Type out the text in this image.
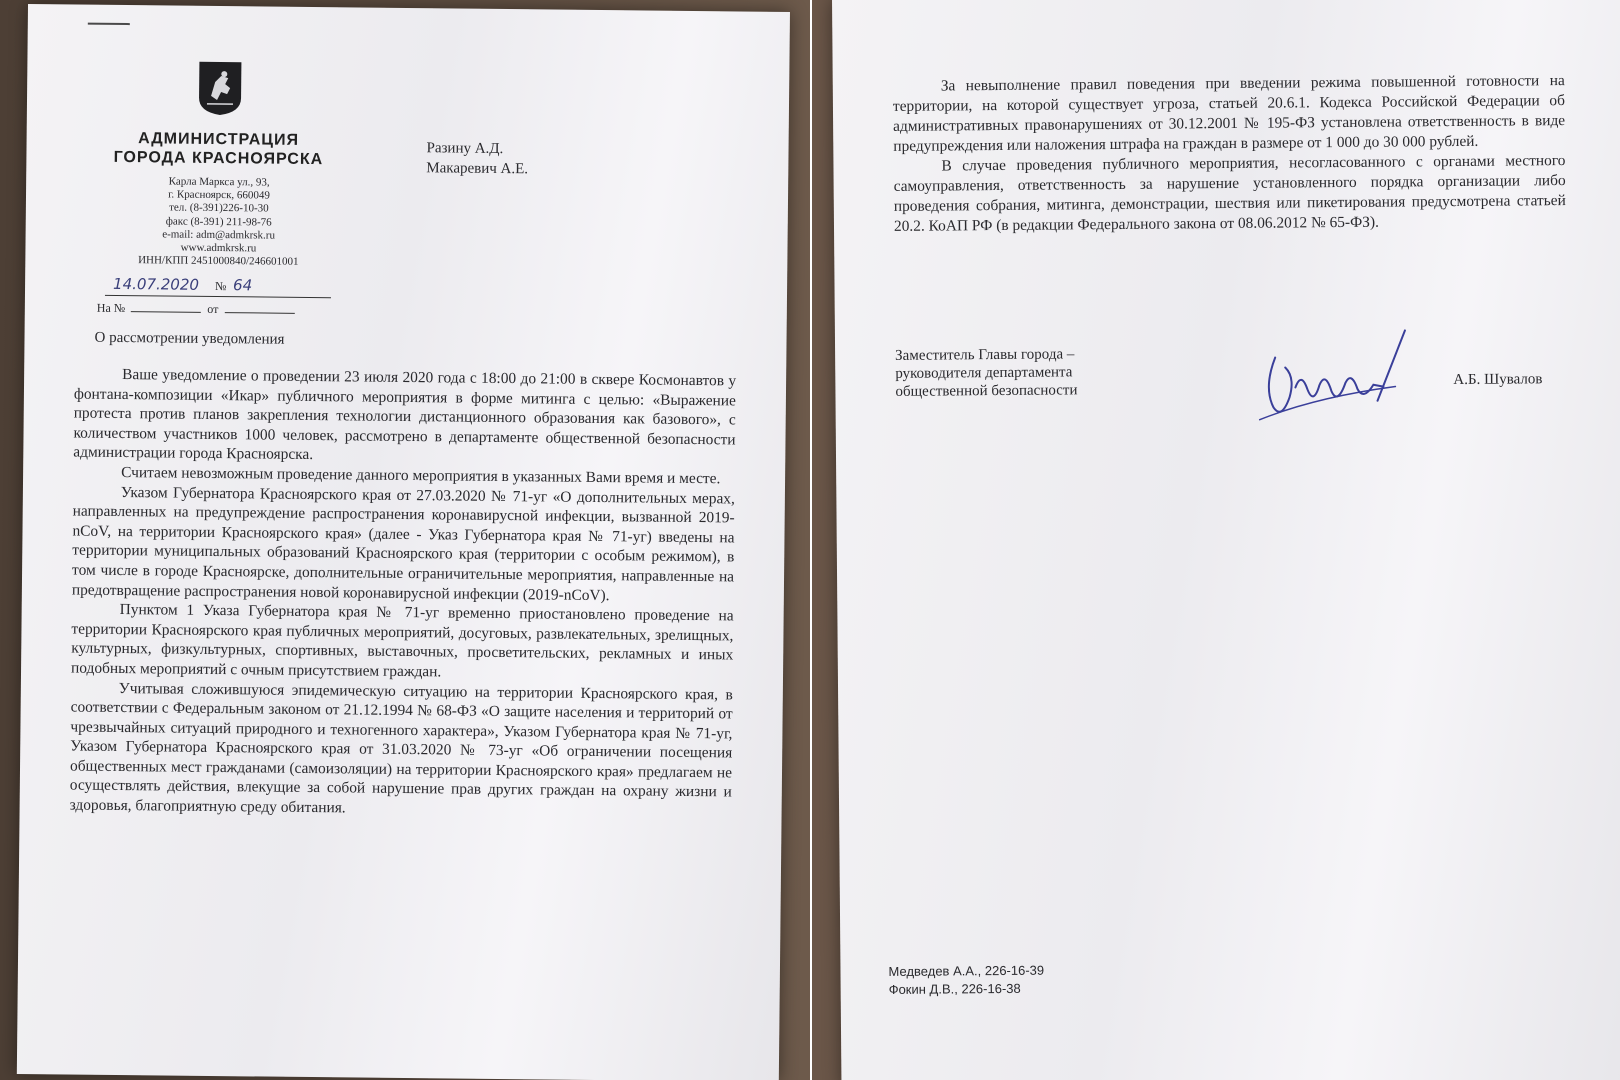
АДМИНИСТРАЦИЯ
ГОРОДА КРАСНОЯРСКА
Карла Маркса ул., 93,
г. Красноярск, 660049
тел. (8-391)226-10-30
факс (8-391) 211-98-76
e-mail: adm@admkrsk.ru
www.admkrsk.ru
ИНН/КПП 2451000840/246601001
14.07.2020 № 64
На №	от
Разину А.Д.
Макаревич А.Е.
О рассмотрении уведомления

Ваше уведомление о проведении 23 июля 2020 года с 18:00 до 21:00 в сквере Космонавтов у фонтана-композиции «Икар» публичного мероприятия в форме митинга с целью: «Выражение протеста против планов закрепления технологии дистанционного образования как базового», с количеством участников 1000 человек, рассмотрено в департаменте общественной безопасности администрации города Красноярска.

Считаем невозможным проведение данного мероприятия в указанных Вами время и месте.

Указом Губернатора Красноярского края от 27.03.2020 № 71-уг «О дополнительных мерах, направленных на предупреждение распространения коронавирусной инфекции, вызванной 2019-nCoV, на территории Красноярского края» (далее - Указ Губернатора края № 71-уг) введены на территории муниципальных образований Красноярского края (территории с особым режимом), в том числе в городе Красноярске, дополнительные ограничительные мероприятия, направленные на предотвращение распространения новой коронавирусной инфекции (2019-nCoV).

Пунктом 1 Указа Губернатора края № 71-уг временно приостановлено проведение на территории Красноярского края публичных мероприятий, досуговых, развлекательных, зрелищных, культурных, физкультурных, спортивных, выставочных, просветительских, рекламных и иных подобных мероприятий с очным присутствием граждан.

Учитывая сложившуюся эпидемическую ситуацию на территории Красноярского края, в соответствии с Федеральным законом от 21.12.1994 № 68-ФЗ «О защите населения и территорий от чрезвычайных ситуаций природного и техногенного характера», Указом Губернатора края № 71-уг, Указом Губернатора Красноярского края от 31.03.2020 № 73-уг «Об ограничении посещения общественных мест гражданами (самоизоляции) на территории Красноярского края» предлагаем не осуществлять действия, влекущие за собой нарушение прав других граждан на охрану жизни и здоровья, благоприятную среду обитания.

За невыполнение правил поведения при введении режима повышенной готовности на территории, на которой существует угроза, статьей 20.6.1. Кодекса Российской Федерации об административных правонарушениях от 30.12.2001 № 195-ФЗ установлена ответственность в виде предупреждения или наложения штрафа на граждан в размере от 1 000 до 30 000 рублей.

В случае проведения публичного мероприятия, несогласованного с органами местного самоуправления, ответственность за нарушение установленного порядка организации либо проведения собрания, митинга, демонстрации, шествия или пикетирования предусмотрена статьей 20.2. КоАП РФ (в редакции Федерального закона от 08.06.2012 № 65-ФЗ).

Заместитель Главы города –
руководителя департамента
общественной безопасности
А.Б. Шувалов
Медведев А.А., 226-16-39
Фокин Д.В., 226-16-38
